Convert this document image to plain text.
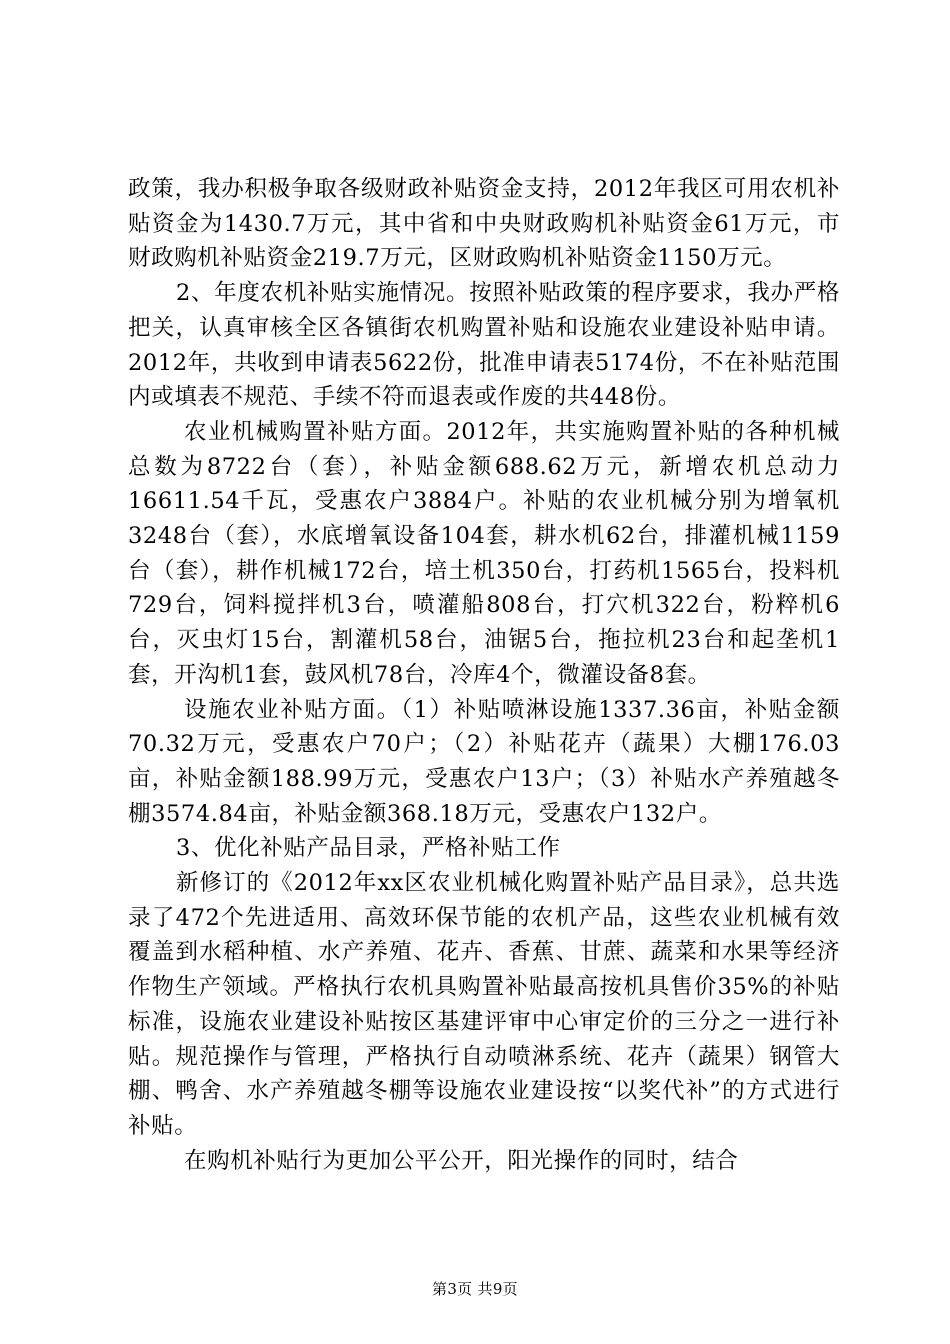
政策，我办积极争取各级财政补贴资金支持，2012年我区可用农机补贴资金为1430.7万元，其中省和中央财政购机补贴资金61万元，市财政购机补贴资金219.7万元，区财政购机补贴资金1150万元。

2、年度农机补贴实施情况。按照补贴政策的程序要求，我办严格把关，认真审核全区各镇街农机购置补贴和设施农业建设补贴申请。2012年，共收到申请表5622份，批准申请表5174份，不在补贴范围内或填表不规范、手续不符而退表或作废的共448份。

农业机械购置补贴方面。2012年，共实施购置补贴的各种机械总数为8722台（套），补贴金额688.62万元，新增农机总动力16611.54千瓦，受惠农户3884户。补贴的农业机械分别为增氧机3248台（套），水底增氧设备104套，耕水机62台，排灌机械1159台（套），耕作机械172台，培土机350台，打药机1565台，投料机729台，饲料搅拌机3台，喷灌船808台，打穴机322台，粉粹机6台，灭虫灯15台，割灌机58台，油锯5台，拖拉机23台和起垄机1套，开沟机1套，鼓风机78台，冷库4个，微灌设备8套。

设施农业补贴方面。（1）补贴喷淋设施1337.36亩，补贴金额70.32万元，受惠农户70户；（2）补贴花卉（蔬果）大棚176.03亩，补贴金额188.99万元，受惠农户13户；（3）补贴水产养殖越冬棚3574.84亩，补贴金额368.18万元，受惠农户132户。

3、优化补贴产品目录，严格补贴工作

新修订的《2012年xx区农业机械化购置补贴产品目录》，总共选录了472个先进适用、高效环保节能的农机产品，这些农业机械有效覆盖到水稻种植、水产养殖、花卉、香蕉、甘蔗、蔬菜和水果等经济作物生产领域。严格执行农机具购置补贴最高按机具售价35%的补贴标准，设施农业建设补贴按区基建评审中心审定价的三分之一进行补贴。规范操作与管理，严格执行自动喷淋系统、花卉（蔬果）钢管大棚、鸭舍、水产养殖越冬棚等设施农业建设按“以奖代补”的方式进行补贴。

在购机补贴行为更加公平公开，阳光操作的同时，结合

第3页 共9页
